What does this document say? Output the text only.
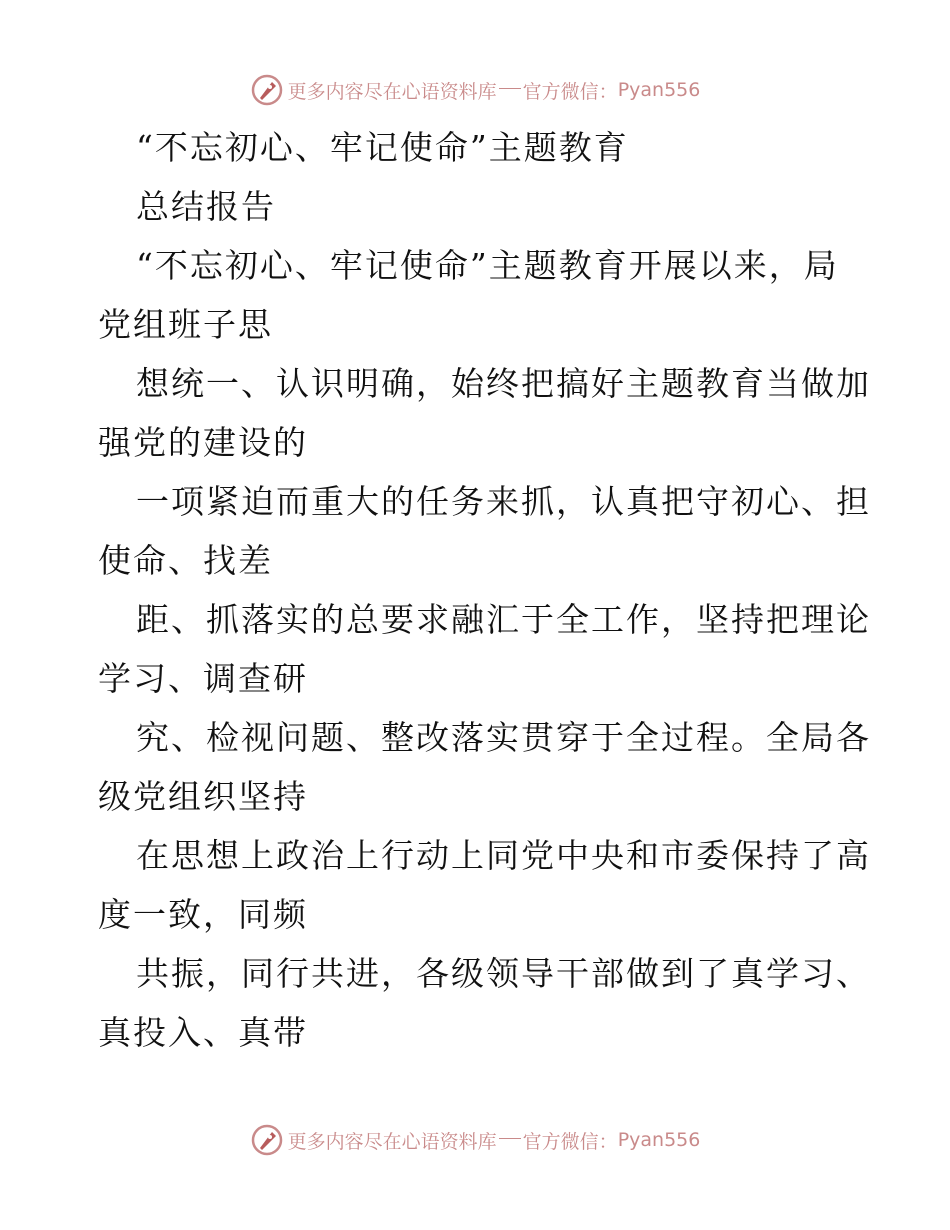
更多内容尽在心语资料库 官方微信： Pyan556
“不忘初心、牢记使命”主题教育
总结报告
“不忘初心、牢记使命”主题教育开展以来，局
党组班子思
想统一、认识明确，始终把搞好主题教育当做加
强党的建设的
一项紧迫而重大的任务来抓，认真把守初心、担
使命、找差
距、抓落实的总要求融汇于全工作，坚持把理论
学习、调查研
究、检视问题、整改落实贯穿于全过程。全局各
级党组织坚持
在思想上政治上行动上同党中央和市委保持了高
度一致，同频
共振，同行共进，各级领导干部做到了真学习、
真投入、真带
更多内容尽在心语资料库 官方微信： Pyan556
